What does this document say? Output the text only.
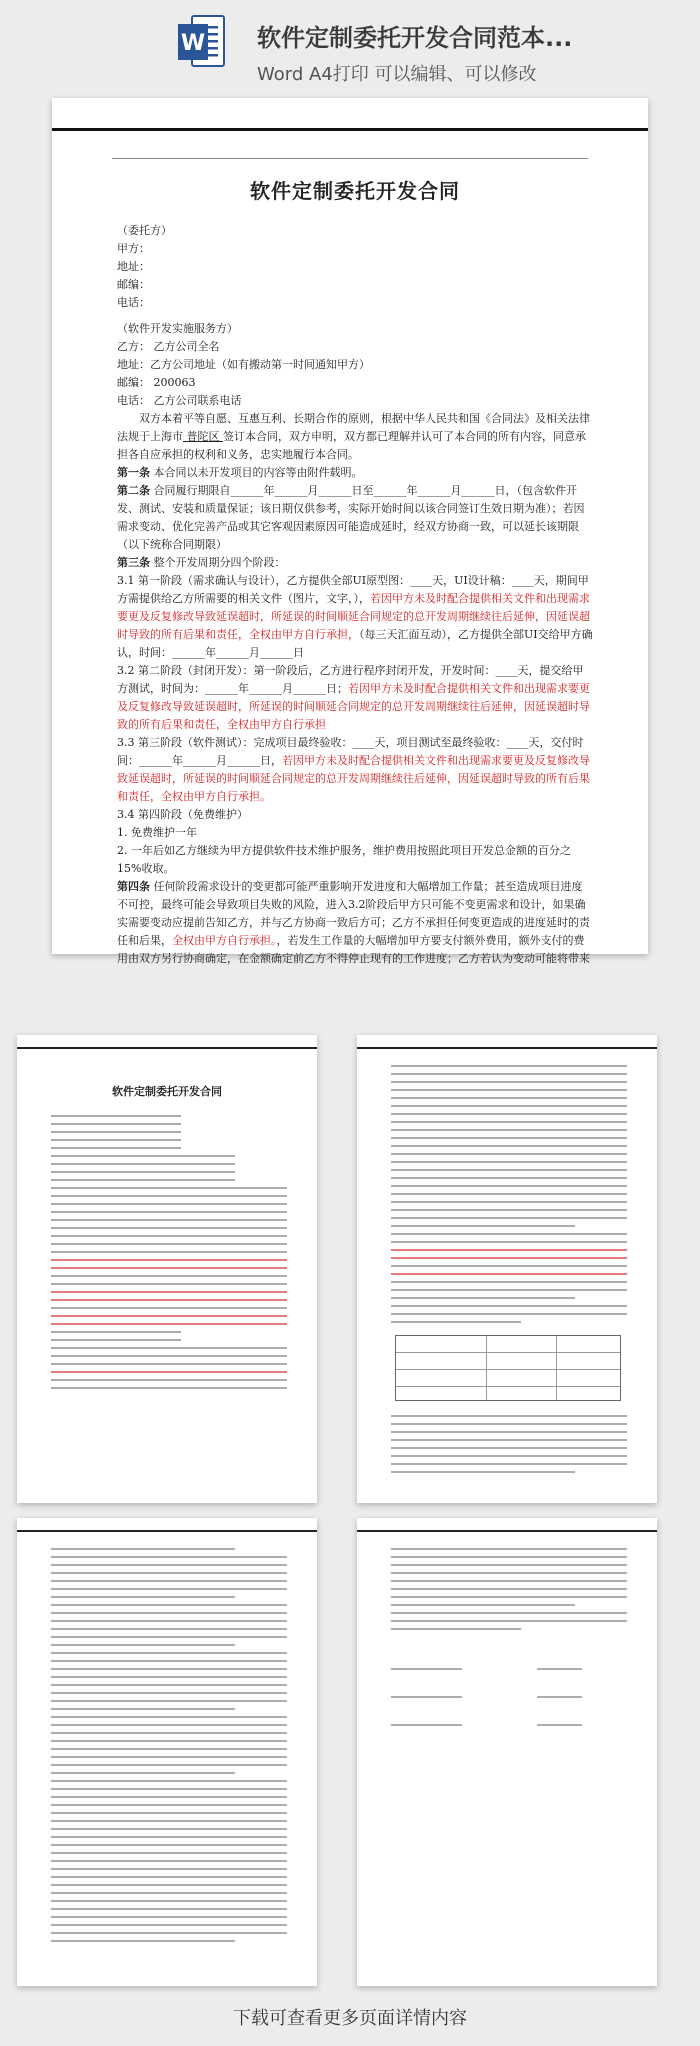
W 软件定制委托开发合同范本...
Word A4打印 可以编辑、可以修改
软件定制委托开发合同

（委托方）

甲方：

地址：

邮编：

电话：

（软件开发实施服务方）

乙方： 乙方公司全名

地址：乙方公司地址（如有搬动第一时间通知甲方）

邮编： 200063

电话： 乙方公司联系电话

双方本着平等自愿、互惠互利、长期合作的原则，根据中华人民共和国《合同法》及相关法律法规于上海市 普陀区 签订本合同，双方申明，双方都已理解并认可了本合同的所有内容，同意承担各自应承担的权利和义务，忠实地履行本合同。

第一条 本合同以未开发项目的内容等由附件载明。

第二条 合同履行期限自______年______月______日至______年______月______日，（包含软件开发、测试、安装和质量保证；该日期仅供参考，实际开始时间以该合同签订生效日期为准）；若因需求变动、优化完善产品或其它客观因素原因可能造成延时，经双方协商一致，可以延长该期限（以下统称合同期限）

第三条 整个开发周期分四个阶段：

3.1 第一阶段（需求确认与设计），乙方提供全部UI原型图：____天，UI设计稿：____天，期间甲方需提供给乙方所需要的相关文件（图片，文字，），若因甲方未及时配合提供相关文件和出现需求要更及反复修改导致延误超时，所延误的时间顺延合同规定的总开发周期继续往后延伸，因延误超时导致的所有后果和责任，全权由甲方自行承担，（每三天汇面互动），乙方提供全部UI交给甲方确认，时间：______年______月______日

3.2 第二阶段（封闭开发）：第一阶段后，乙方进行程序封闭开发，开发时间：____天，提交给甲方测试，时间为：______年______月______日；若因甲方未及时配合提供相关文件和出现需求要更及反复修改导致延误超时，所延误的时间顺延合同规定的总开发周期继续往后延伸，因延误超时导致的所有后果和责任，全权由甲方自行承担

3.3 第三阶段（软件测试）：完成项目最终验收：____天，项目测试至最终验收：____天，交付时间：______年______月______日，若因甲方未及时配合提供相关文件和出现需求要更及反复修改导致延误超时，所延误的时间顺延合同规定的总开发周期继续往后延伸，因延误超时导致的所有后果和责任，全权由甲方自行承担。

3.4 第四阶段（免费维护）

1. 免费维护一年

2. 一年后如乙方继续为甲方提供软件技术维护服务，维护费用按照此项目开发总金额的百分之15%收取。

第四条 任何阶段需求设计的变更都可能严重影响开发进度和大幅增加工作量；甚至造成项目进度不可控，最终可能会导致项目失败的风险，进入3.2阶段后甲方只可能不变更需求和设计，如果确实需要变动应提前告知乙方，并与乙方协商一致后方可；乙方不承担任何变更造成的进度延时的责任和后果，全权由甲方自行承担。，若发生工作量的大幅增加甲方要支付额外费用，额外支付的费用由双方另行协商确定，在金额确定前乙方不得停止现有的工作进度；乙方若认为变动可能将带来

软件定制委托开发合同
下载可查看更多页面详情内容
